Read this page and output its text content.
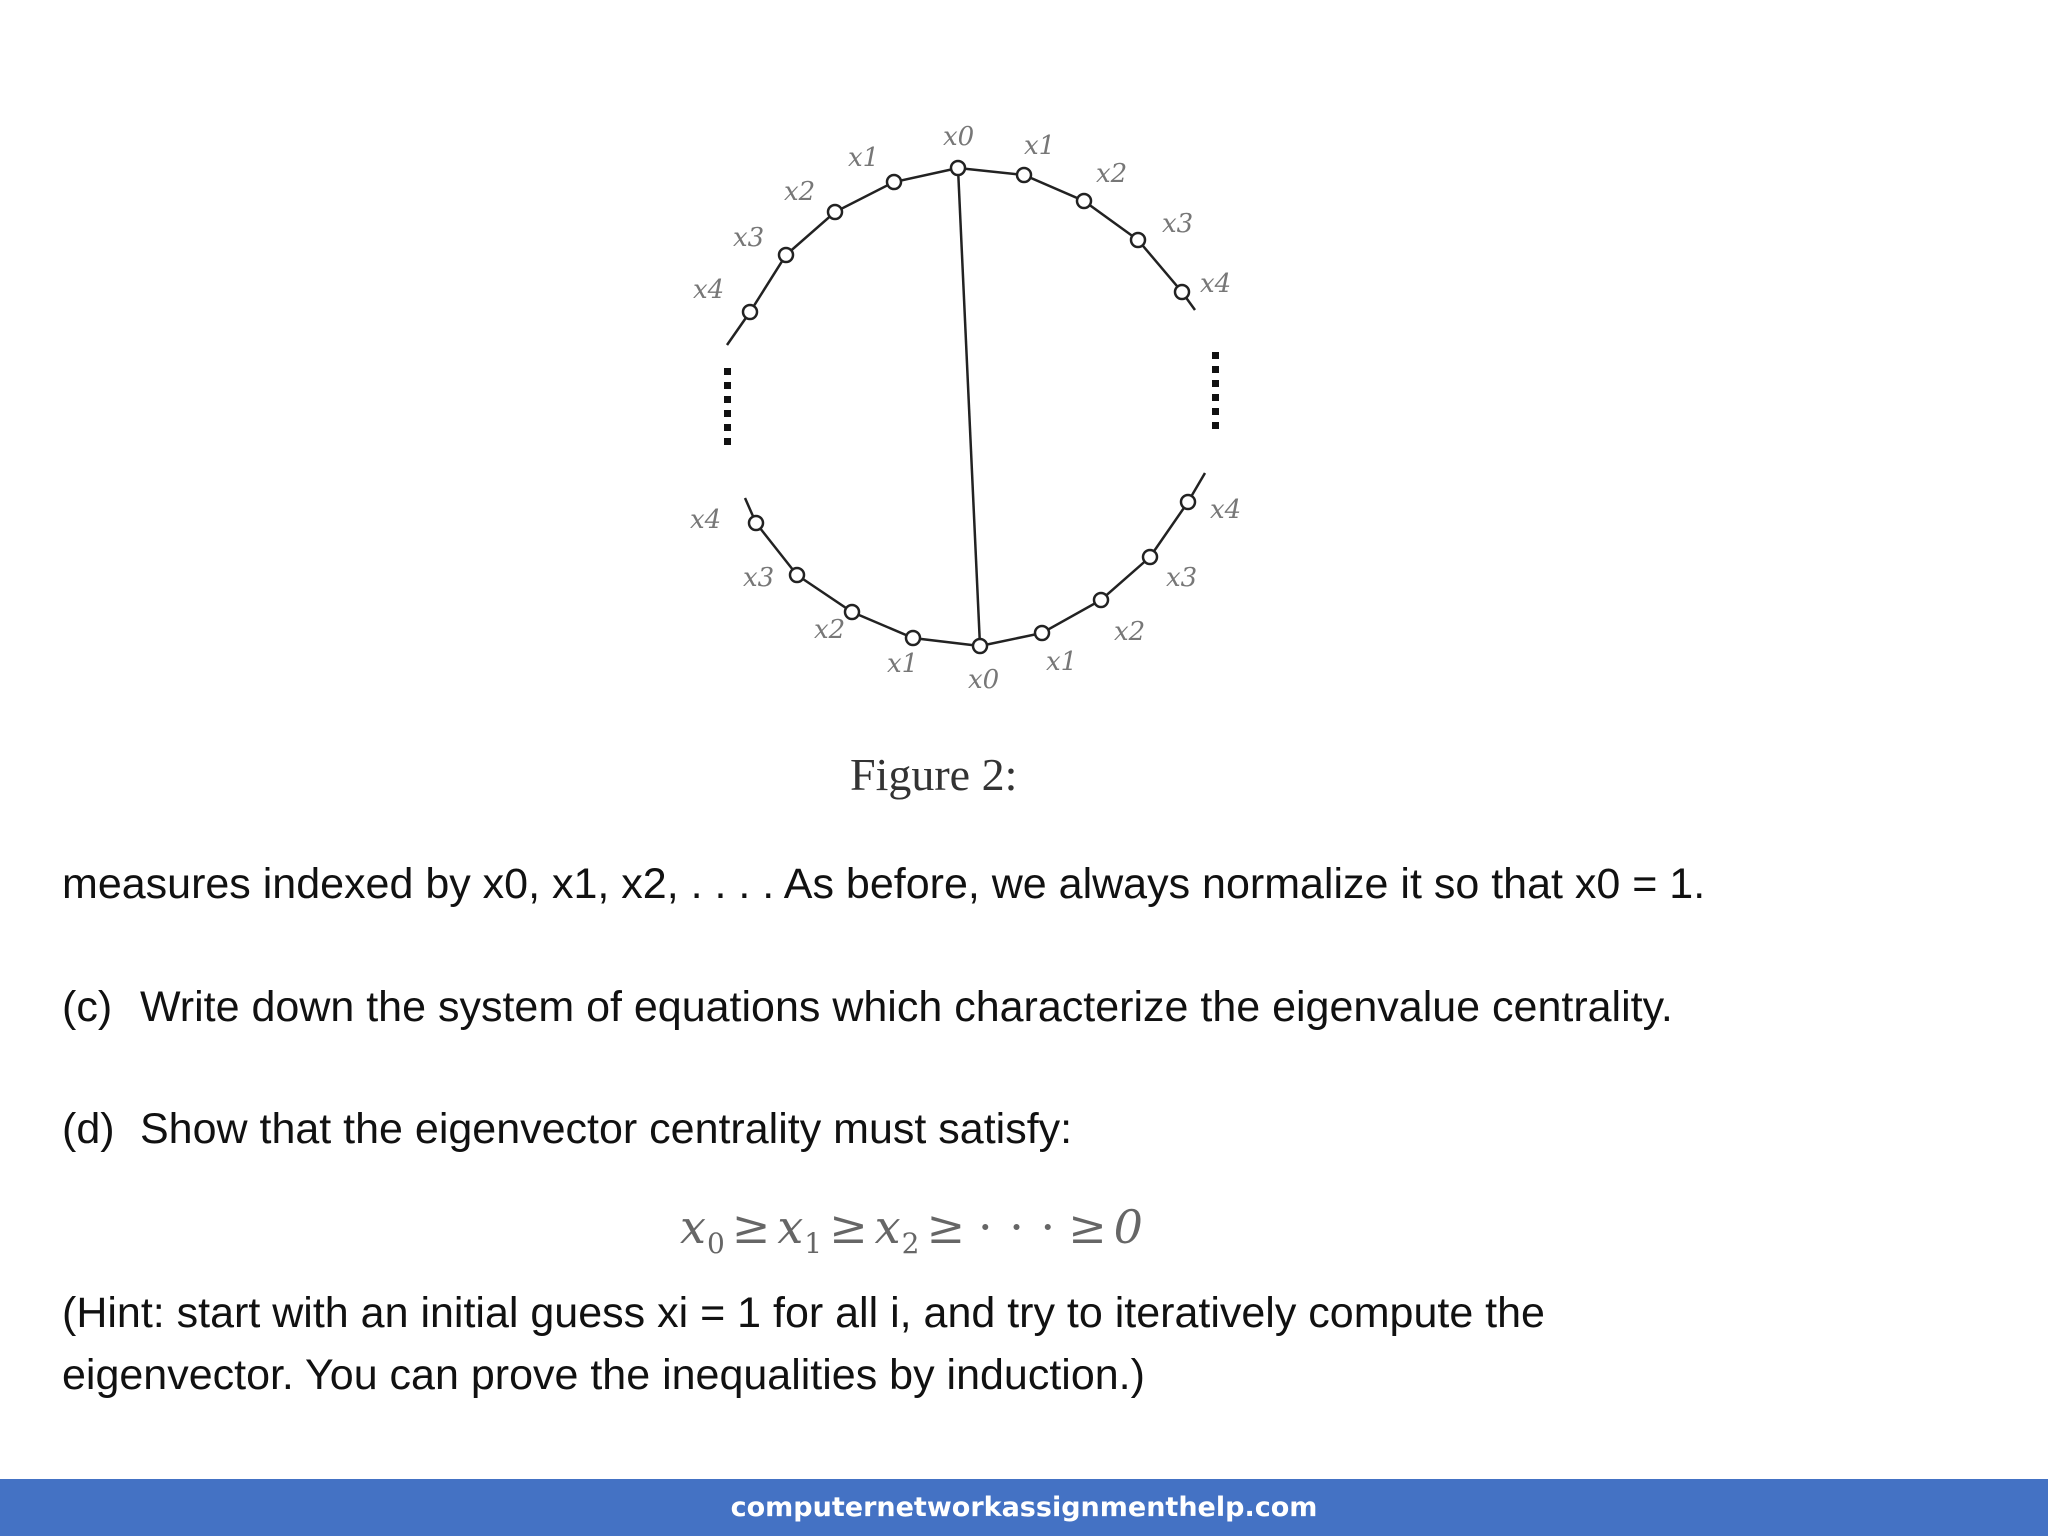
x0
x1
x2
x3
x4
x1
x2
x3
x4
x4
x3
x2
x1
x0
x1
x2
x3
x4

Figure 2:

measures indexed by x0, x1, x2, . . . . As before, we always normalize it so that x0 = 1.

(c) Write down the system of equations which characterize the eigenvalue centrality.

(d) Show that the eigenvector centrality must satisfy:

$x_0 \ge x_1 \ge x_2$ ≥ · · · ≥ 0

(Hint: start with an initial guess xi = 1 for all i, and try to iteratively compute the
eigenvector. You can prove the inequalities by induction.)

computernetworkassignmenthelp.com
